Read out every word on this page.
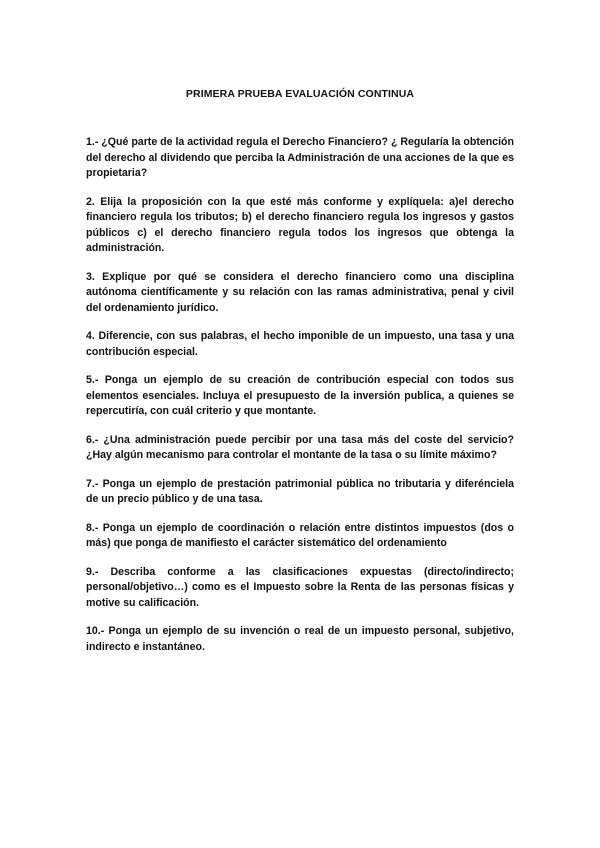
PRIMERA PRUEBA EVALUACIÓN CONTINUA
1.- ¿Qué parte de la actividad regula el Derecho Financiero? ¿ Regularía la obtención del derecho al dividendo que perciba la Administración de una acciones de la que es propietaria?
2. Elija la proposición con la que esté más conforme y explíquela: a)el derecho financiero regula los tributos; b) el derecho financiero regula los ingresos y gastos públicos c) el derecho financiero regula todos los ingresos que obtenga la administración.
3. Explique por qué se considera el derecho financiero como una disciplina autónoma científicamente y su relación con las ramas administrativa, penal y civil del ordenamiento jurídico.
4. Diferencie, con sus palabras, el hecho imponible de un impuesto, una tasa y una contribución especial.
5.- Ponga un ejemplo de su creación de contribución especial con todos sus elementos esenciales. Incluya el presupuesto de la inversión publica, a quienes se repercutiría, con cuál criterio y que montante.
6.- ¿Una administración puede percibir por una tasa más del coste del servicio? ¿Hay algún mecanismo para controlar el montante de la tasa o su límite máximo?
7.- Ponga un ejemplo de prestación patrimonial pública no tributaria y diferénciela de un precio público y de una tasa.
8.- Ponga un ejemplo de coordinación o relación entre distintos impuestos (dos o más) que ponga de manifiesto el carácter sistemático del ordenamiento
9.- Describa conforme a las clasificaciones expuestas (directo/indirecto; personal/objetivo…) como es el Impuesto sobre la Renta de las personas físicas y motive su calificación.
10.- Ponga un ejemplo de su invención o real de un impuesto personal, subjetivo, indirecto e instantáneo.
